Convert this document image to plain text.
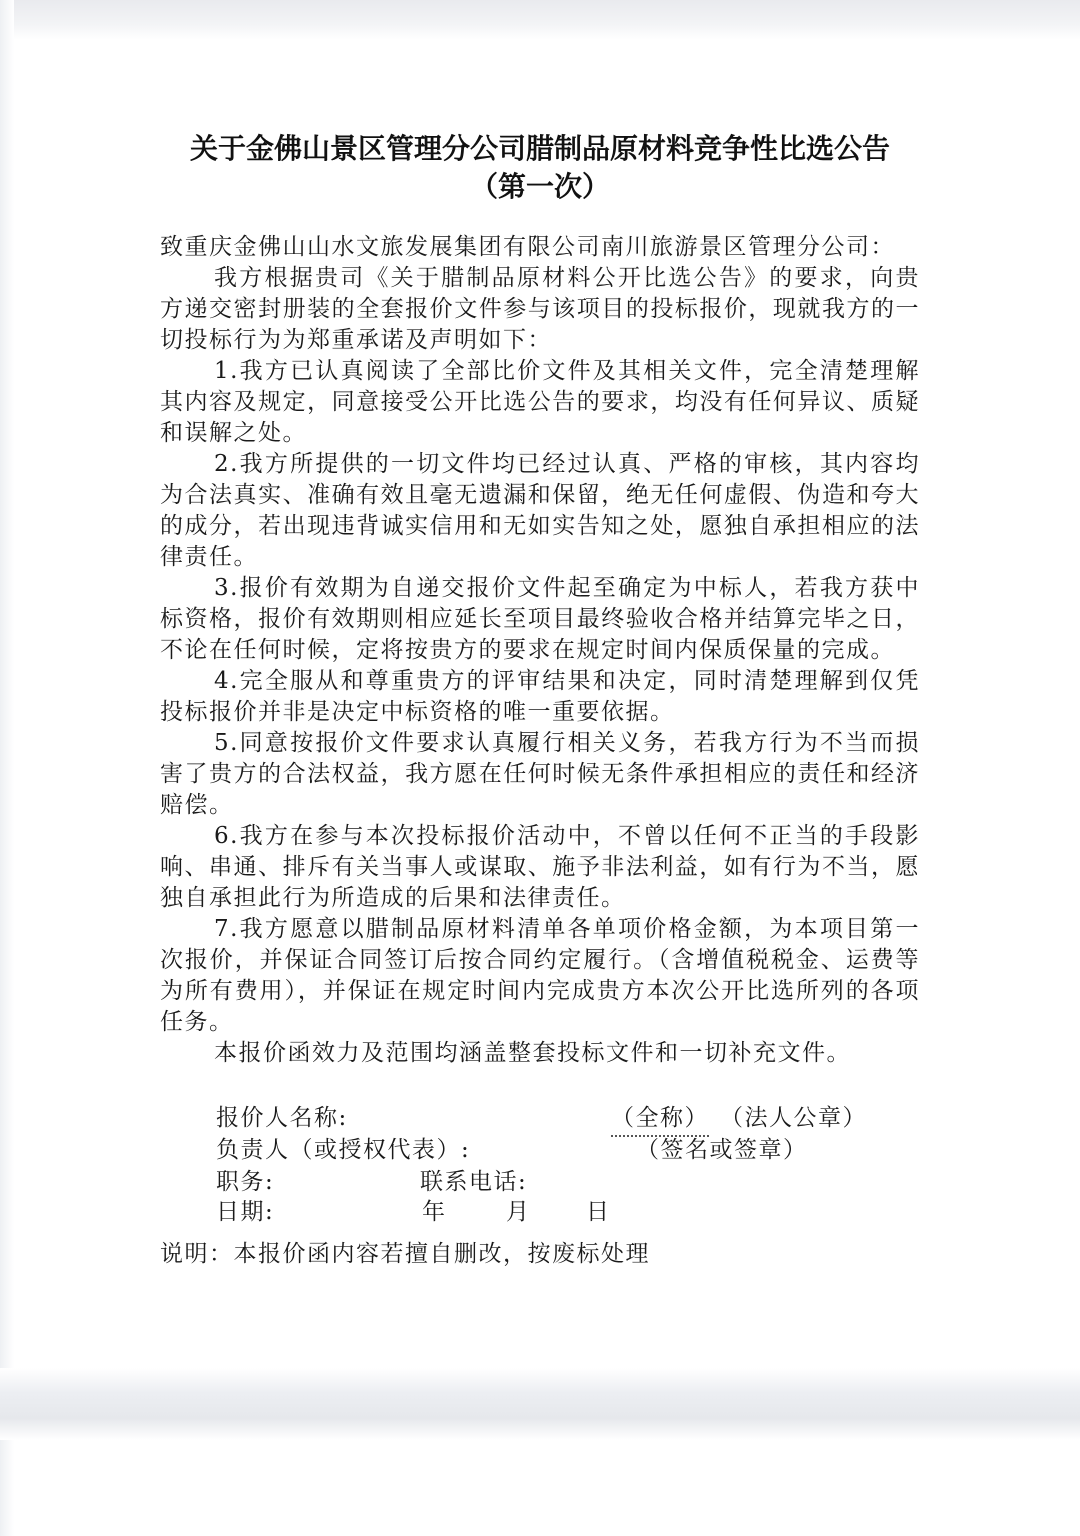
关于金佛山景区管理分公司腊制品原材料竞争性比选公告
（第一次）

致重庆金佛山山水文旅发展集团有限公司南川旅游景区管理分公司：

我方根据贵司《关于腊制品原材料公开比选公告》的要求，向贵方递交密封册装的全套报价文件参与该项目的投标报价，现就我方的一切投标行为为郑重承诺及声明如下：

1.我方已认真阅读了全部比价文件及其相关文件，完全清楚理解其内容及规定，同意接受公开比选公告的要求，均没有任何异议、质疑和误解之处。

2.我方所提供的一切文件均已经过认真、严格的审核，其内容均为合法真实、准确有效且毫无遗漏和保留，绝无任何虚假、伪造和夸大的成分，若出现违背诚实信用和无如实告知之处，愿独自承担相应的法律责任。

3.报价有效期为自递交报价文件起至确定为中标人，若我方获中标资格，报价有效期则相应延长至项目最终验收合格并结算完毕之日，不论在任何时候，定将按贵方的要求在规定时间内保质保量的完成。

4.完全服从和尊重贵方的评审结果和决定，同时清楚理解到仅凭投标报价并非是决定中标资格的唯一重要依据。

5.同意按报价文件要求认真履行相关义务，若我方行为不当而损害了贵方的合法权益，我方愿在任何时候无条件承担相应的责任和经济赔偿。

6.我方在参与本次投标报价活动中，不曾以任何不正当的手段影响、串通、排斥有关当事人或谋取、施予非法利益，如有行为不当，愿独自承担此行为所造成的后果和法律责任。

7.我方愿意以腊制品原材料清单各单项价格金额，为本项目第一次报价，并保证合同签订后按合同约定履行。（含增值税税金、运费等为所有费用），并保证在规定时间内完成贵方本次公开比选所列的各项任务。

本报价函效力及范围均涵盖整套投标文件和一切补充文件。

报价人名称:	（全称） （法人公章）
负责人（或授权代表）:	（签名或签章）
职务:	联系电话:
日期:	年	月 日
说明：本报价函内容若擅自删改，按废标处理
